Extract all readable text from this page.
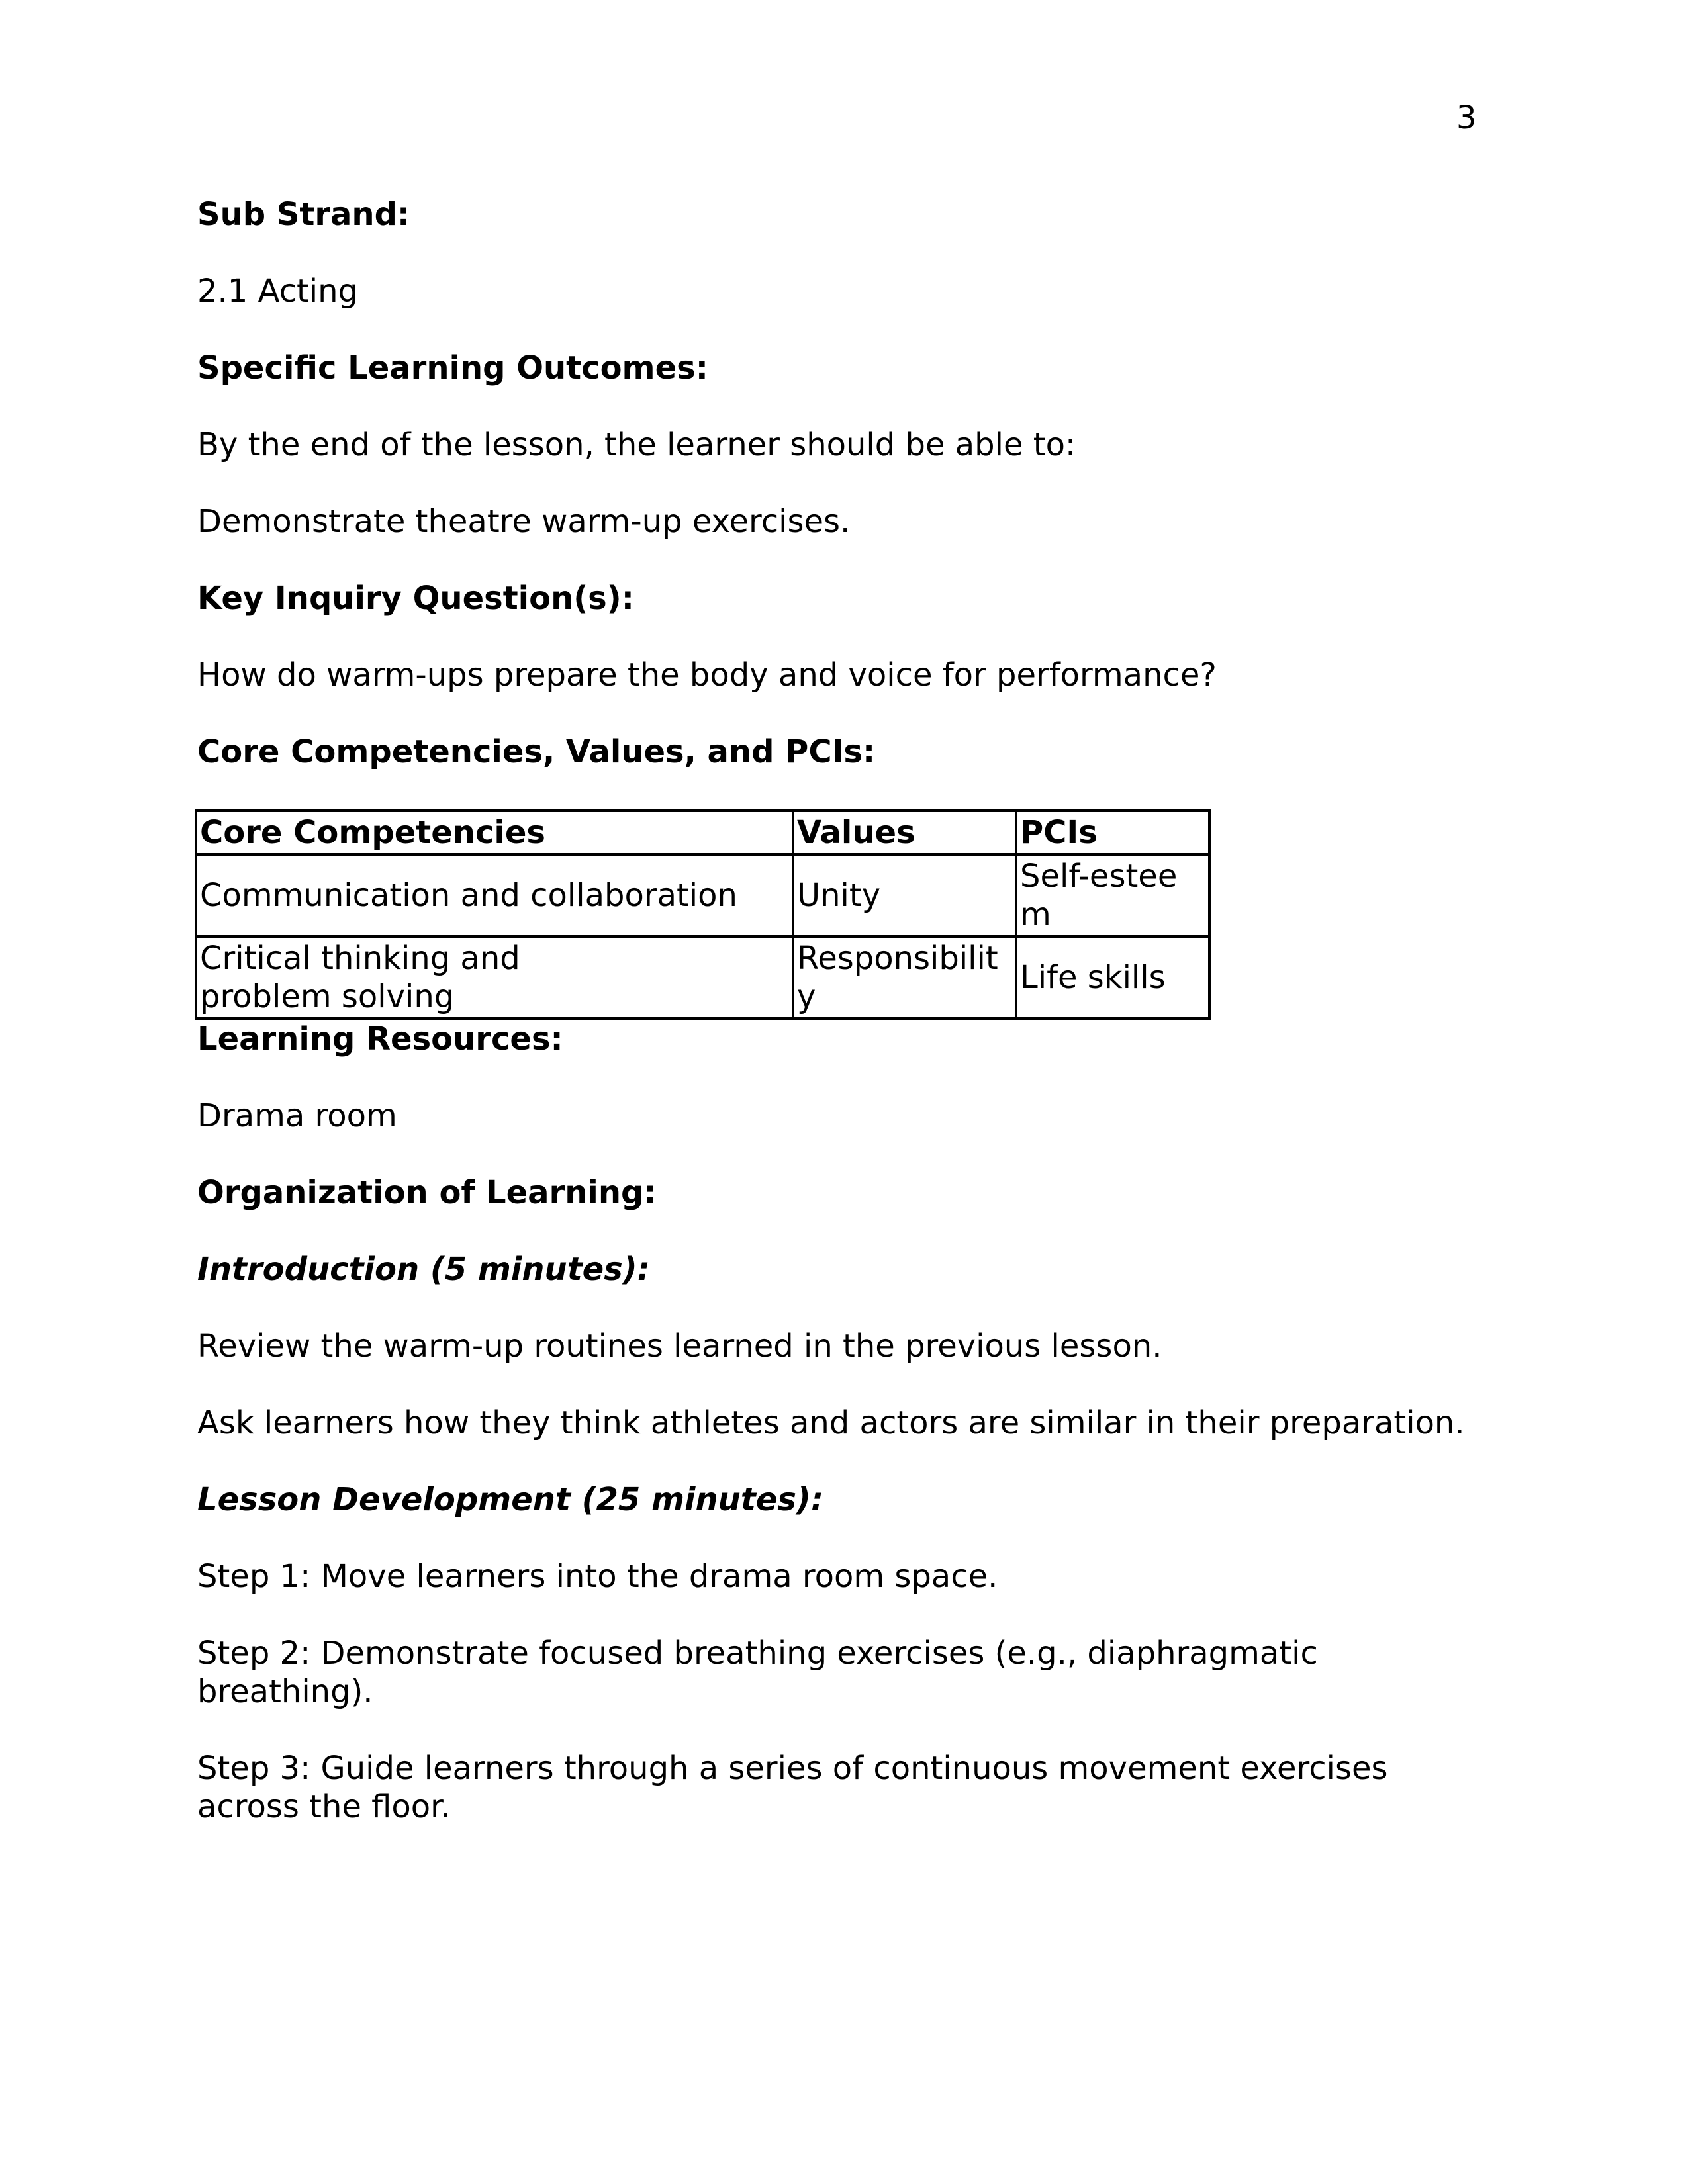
3

Sub Strand:

2.1 Acting

Specific Learning Outcomes:

By the end of the lesson, the learner should be able to:

Demonstrate theatre warm-up exercises.

Key Inquiry Question(s):

How do warm-ups prepare the body and voice for performance?

Core Competencies, Values, and PCIs:

Core Competencies	Values	PCIs
Communication and collaboration	Unity	Self-esteem
Critical thinking and problem solving	Responsibility	Life skills

Learning Resources:

Drama room

Organization of Learning:

Introduction (5 minutes):

Review the warm-up routines learned in the previous lesson.

Ask learners how they think athletes and actors are similar in their preparation.

Lesson Development (25 minutes):

Step 1: Move learners into the drama room space.

Step 2: Demonstrate focused breathing exercises (e.g., diaphragmatic breathing).

Step 3: Guide learners through a series of continuous movement exercises across the floor.
